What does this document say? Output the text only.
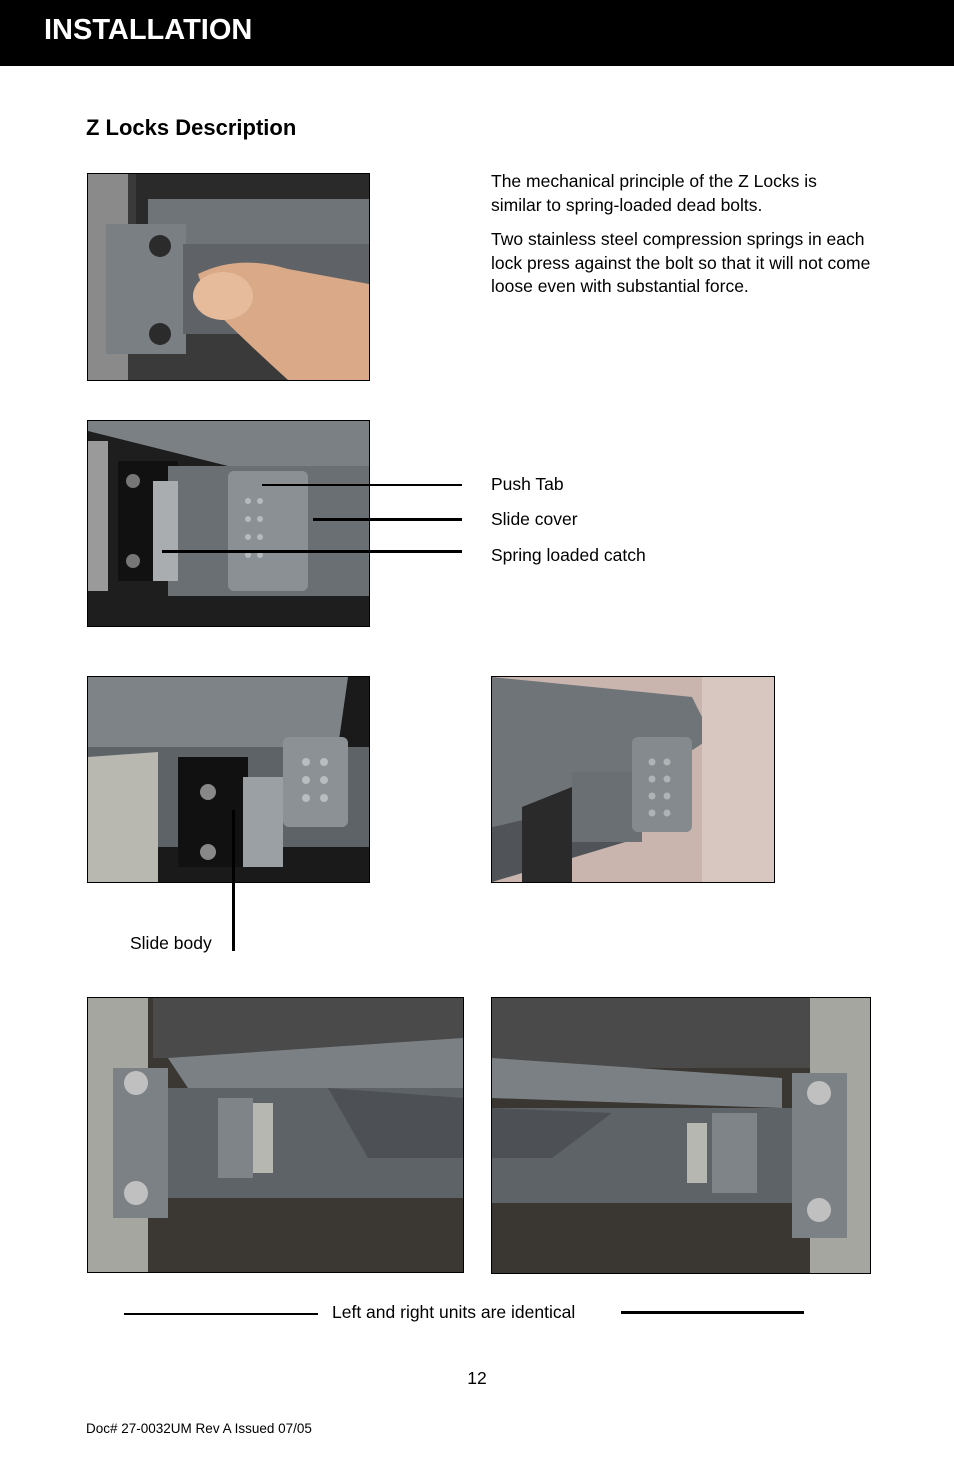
INSTALLATION
Z Locks Description
The mechanical principle of the Z Locks is similar to spring-loaded dead bolts.
Two stainless steel compression springs in each lock press against the bolt so that it will not come loose even with substantial force.
Push Tab
Slide cover
Spring loaded catch
Slide body
Left and right units are identical
12
Doc# 27-0032UM Rev A Issued 07/05
